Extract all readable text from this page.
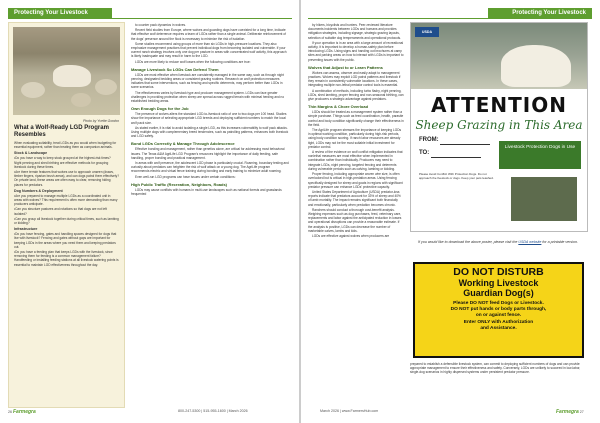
Protecting Your Livestock	Protecting Your Livestock
Photo by Yvette Gordon
What a Wolf-Ready LGD Program Resembles
When evaluating suitability, treat LGDs as you would when budgeting for essential equipment, rather than treating them as companion animals.
Stock & Landscape
• Do you have a way to keep stock grouped at the highest-risk times? Night penning and shed birthing are effective methods for grouping livestock during these times.
• Are there terrain features that wolves use to approach unseen (draws, timber fingers, riparian brush areas), and can dogs patrol them effectively? On private land, these areas are often easy to clear, removing hiding places for predators.
Dog Numbers & Deployment
• Are you prepared to manage multiple LGDs as a coordinated unit in areas with wolves? This requirement is often more demanding than many producers anticipate.
• Can you structure pastures and rotations so that dogs are not left isolated?
• Can you group all livestock together during critical times, such as lambing or kidding?
Infrastructure
• Do you have fencing, gates and handling spaces designed for dogs that live with livestock? Fencing and gates without gaps are important for keeping LGDs in the areas where you need them and keeping predators out.
• Do you have a feeding plan that keeps LGDs with the livestock, since removing them for feeding is a common management failure? Handfeeding or installing feeding stations at all livestock watering points is essential to maintain LGD effectiveness throughout the day.
to counter pack dynamics in wolves.
Recent field studies from Europe, where wolves and guarding dogs have coexisted for a long time, indicate that effective wolf deterrence requires a team of LGDs rather than a single animal. Deliberate reinforcement of the dogs' presence around the flock is necessary to minimize the risk of isolation.
Some studies recommend using groups of more than six LGDs in high-pressure locations. They also emphasize management practices that prevent individual dogs from becoming isolated and vulnerable. If your current ranch strategy involves only one dog per pasture in areas with concentrated wolf activity, this approach is likely inadequate and may result in harm to the LGD.
LGDs are more likely to reduce wolf losses when the following conditions are true:
Manage Livestock So LGDs Can Defend Them
LGDs are most effective when livestock are consistently managed in the same way, such as through night penning, designated bedding areas or consistent grazing routines. Research on wolf protection measures indicates that some interventions, such as fencing and specific deterrents, may perform better than LGDs in some scenarios.
The effectiveness varies by livestock type and producer management system. LGDs can face greater challenges in providing protection when sheep are spread across rugged terrain with minimal herding and no established bedding areas.
Own Enough Dogs for the Job
The presence of wolves alters the standard LGD-to-livestock ratio of one to two dogs per 100 head. Studies show the importance of selecting appropriate LGD breeds and deploying sufficient numbers to match the local wolf pack size.
As stated earlier, it is vital to avoid isolating a single LGD, as this increases vulnerability to wolf pack attacks. Using multiple dogs with complementary breed tendencies, such as patrolling patterns, enhances both livestock and LGD safety.
Bond LGDs Correctly & Manage Through Adolescence
Effective bonding and management, rather than genetics alone, are critical for addressing most behavioral issues. The Texas A&M AgriLife LGD Program's resources highlight the importance of daily feeding, safe handling, proper bonding and practical management.
In areas with wolf presence, the adolescent LGD phase is particularly crucial. Roaming, boundary testing and curiosity about predators can heighten the risk of wolf attack on a young dog. The AgriLife program recommends electric and virtual fence training during bonding and early training to minimize adult roaming.
Even well-run LGD programs can have issues under certain conditions:
High Public Traffic (Recreation, Neighbors, Roads)
LGDs may cause conflicts with humans in multi-use landscapes such as national forests and grasslands frequented
by hikers, bicyclists and hunters. Peer-reviewed literature documents incidents between LGDs and humans and provides mitigation strategies, including signage, strategic grazing layouts, selection of suitable dog temperaments and operational protocols.
If your operation is in an area with a large amount of recreational activity, it is important to develop a human-safety plan before introducing LGDs. Using signs and handing out brochures at camp sites and parking areas on how to interact with LGDs is important to preventing issues with the public.
Wolves that Adjust to or Learn Patterns
Wolves can assess, observe and easily adapt to management practices. Wolves may exploit LGD patrol patterns and livestock if they remain in consistently vulnerable locations. In these cases, integrating multiple non-lethal predator control tools is essential.
A combination of methods, including turbo fladry, night penning, LGDs, shed lambing, proper fencing and non-seasonal birthing, can give producers a strategic advantage against predators.
Thin Margins & Chore Overload
LGDs should be treated as a management system rather than a simple purchase. Things such as feed coordination, health, parasite control and body condition significantly change their effectiveness in the field.
The AgriLife program stresses the importance of keeping LGDs in optimal working condition, particularly during high-risk periods, using body condition scoring. If ranch labor resources are already tight, LGDs may not be the most suitable initial investment for predator control.
A review of the evidence on wolf conflict mitigation indicates that nonlethal measures are most effective when implemented in combination rather than individually. Producers may need to integrate LGDs, night penning, targeted fencing and deterrents during vulnerable periods such as calving, lambing or kidding.
Proper fencing, including appropriate woven wire size, is often overlooked but is critical in high-predation areas. Using fencing specifically designed for sheep and goats in regions with significant predator pressure can enhance LGDs' protective capacity.
United States Department of Agriculture (USDA) predator-loss reports indicate that predators account for 33% of sheep and 40% of lamb mortality. The impact remains significant both financially and emotionally, particularly when predation becomes chronic.
Ranchers should conduct a thorough cost-benefit analysis. Weighing expenses such as dog purchases, feed, veterinary care, replacements and labor against the anticipated reduction in losses and operational disruptions can provide a reasonable estimate. If the analysis is positive, LGDs can decrease the number of marketable calves, lambs and kids.
LGDs are effective against wolves when producers are
USDA
ATTENTION
Sheep Grazing in This Area
FROM:
TO:
Livestock Protection Dogs in Use
Please Avoid Conflict With Protection Dogs. Do not approach the livestock or dogs. Keep your pets leashed.
If you would like to download the above poster, please visit the USDA website for a printable version.
DO NOT DISTURB
Working Livestock
Guardian Dog(s)
Please DO NOT feed Dogs or Livestock.
DO NOT put hands or body parts through,
on or against fence.
Enter ONLY with Authorization
and Assistance.
prepared to establish a defensible livestock system, can commit to deploying sufficient numbers of dogs and can provide appropriate management to ensure their effectiveness and safety. Conversely, LGDs are unlikely to succeed in low-labor, single-dog scenarios in highly dispersed systems under persistent predator pressure.
26 Farmegra	800-247-5300 | 515-955-1600 | March 2026	March 2026 | www.FarmersHub.com	Farmegra 27
